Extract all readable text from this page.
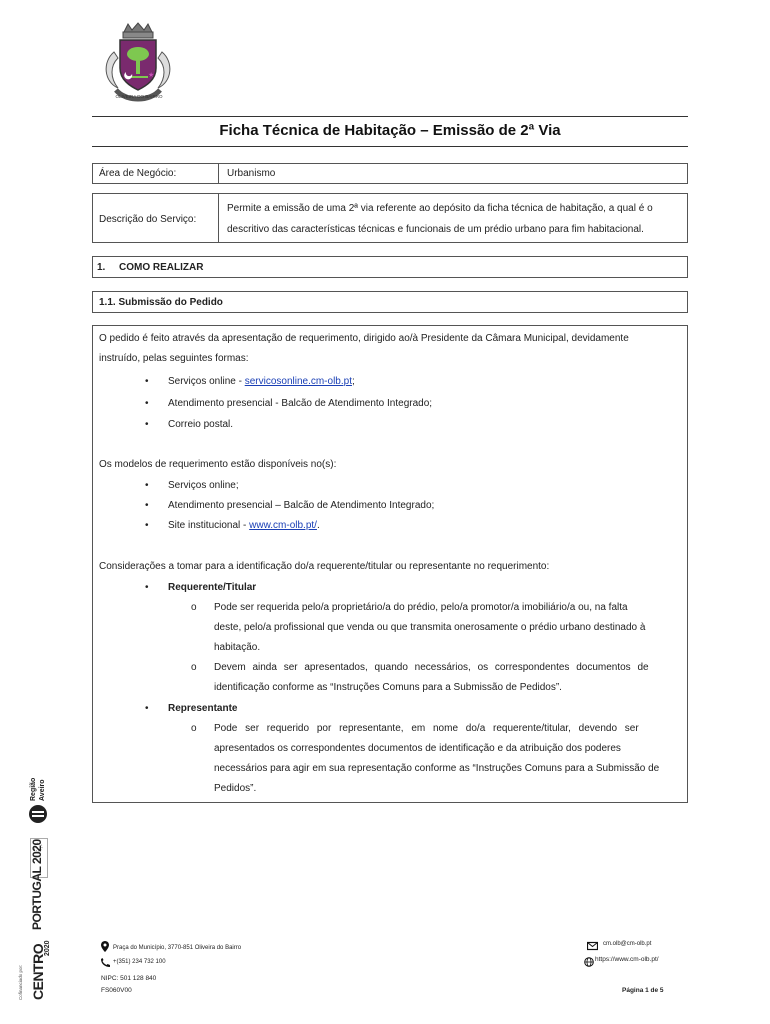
★
OLIVEIRA DO BAIRRO
Ficha Técnica de Habitação – Emissão de 2ª Via
Área de Negócio:	Urbanismo
Descrição do Serviço:
Permite a emissão de uma 2ª via referente ao depósito da ficha técnica de habitação, a qual é o
descritivo das características técnicas e funcionais de um prédio urbano para fim habitacional.
1. COMO REALIZAR
1.1. Submissão do Pedido
O pedido é feito através da apresentação de requerimento, dirigido ao/à Presidente da Câmara Municipal, devidamente
instruído, pelas seguintes formas:
• Serviços online - servicosonline.cm-olb.pt;
• Atendimento presencial - Balcão de Atendimento Integrado;
• Correio postal.
Os modelos de requerimento estão disponíveis no(s):
• Serviços online;
• Atendimento presencial – Balcão de Atendimento Integrado;
• Site institucional - www.cm-olb.pt/.
Considerações a tomar para a identificação do/a requerente/titular ou representante no requerimento:
• Requerente/Titular
o Pode ser requerida pelo/a proprietário/a do prédio, pelo/a promotor/a imobiliário/a ou, na falta
deste, pelo/a profissional que venda ou que transmita onerosamente o prédio urbano destinado à
habitação.
o Devem ainda ser apresentados, quando necessários, os correspondentes documentos de
identificação conforme as “Instruções Comuns para a Submissão de Pedidos”.
• Representante
o Pode ser requerido por representante, em nome do/a requerente/titular, devendo ser
apresentados os correspondentes documentos de identificação e da atribuição dos poderes
necessários para agir em sua representação conforme as “Instruções Comuns para a Submissão de
Pedidos”.
Região Aveiro
PORTUGAL 2020
CENTRO
2020
Cofinanciado por:
Praça do Município, 3770-851 Oliveira do Bairro
+(351) 234 732 100
NIPC: 501 128 840
FS060V00
cm.olb@cm-olb.pt
https://www.cm-olb.pt/
Página 1 de 5
